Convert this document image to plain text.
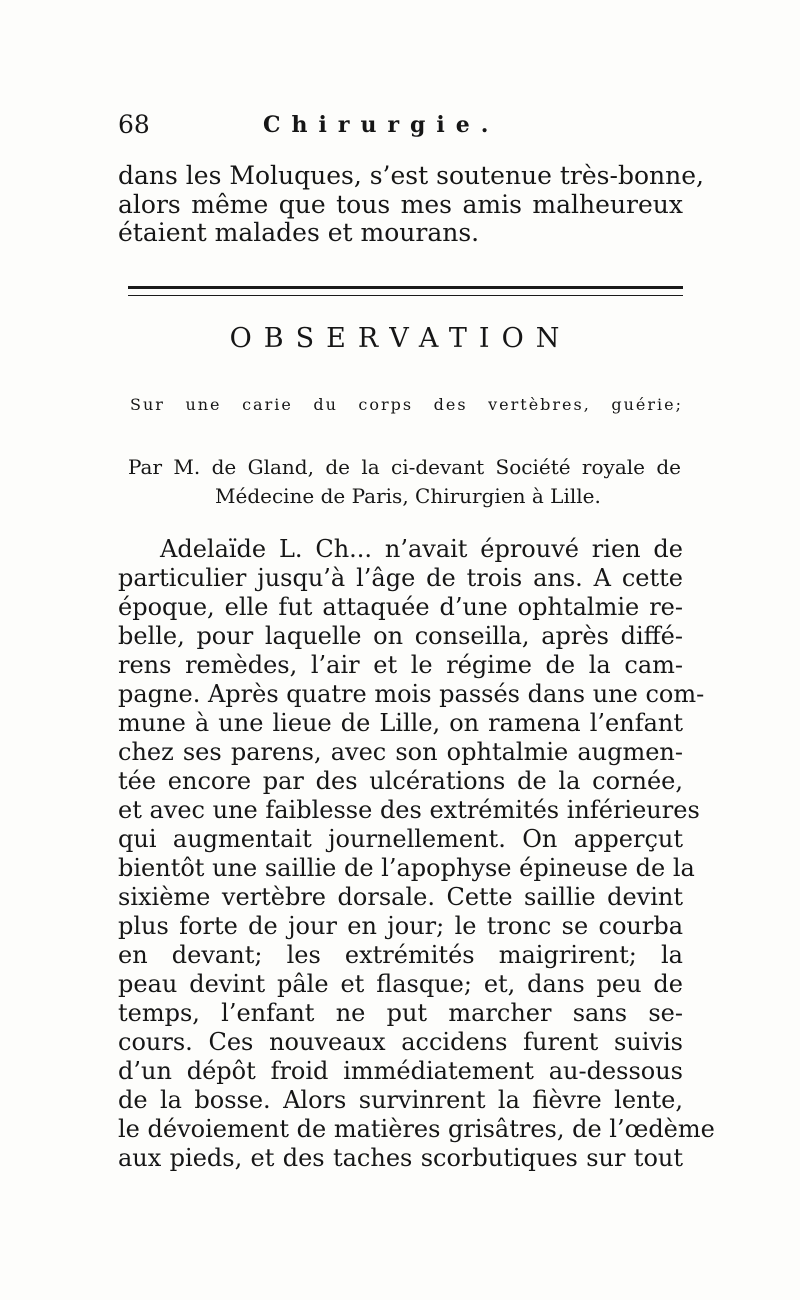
68	Chirurgie.
dans les Moluques, s’est soutenue très-bonne,
alors même que tous mes amis malheureux
étaient malades et mourans.
OBSERVATION
Sur une carie du corps des vertèbres, guérie;
Par M. de Gland, de la ci-devant Société royale de
Médecine de Paris, Chirurgien à Lille.
Adelaïde L. Ch... n’avait éprouvé rien de
particulier jusqu’à l’âge de trois ans. A cette
époque, elle fut attaquée d’une ophtalmie re-
belle, pour laquelle on conseilla, après diffé-
rens remèdes, l’air et le régime de la cam-
pagne. Après quatre mois passés dans une com-
mune à une lieue de Lille, on ramena l’enfant
chez ses parens, avec son ophtalmie augmen-
tée encore par des ulcérations de la cornée,
et avec une faiblesse des extrémités inférieures
qui augmentait journellement. On apperçut
bientôt une saillie de l’apophyse épineuse de la
sixième vertèbre dorsale. Cette saillie devint
plus forte de jour en jour; le tronc se courba
en devant; les extrémités maigrirent; la
peau devint pâle et flasque; et, dans peu de
temps, l’enfant ne put marcher sans se-
cours. Ces nouveaux accidens furent suivis
d’un dépôt froid immédiatement au-dessous
de la bosse. Alors survinrent la fièvre lente,
le dévoiement de matières grisâtres, de l’œdème
aux pieds, et des taches scorbutiques sur tout
